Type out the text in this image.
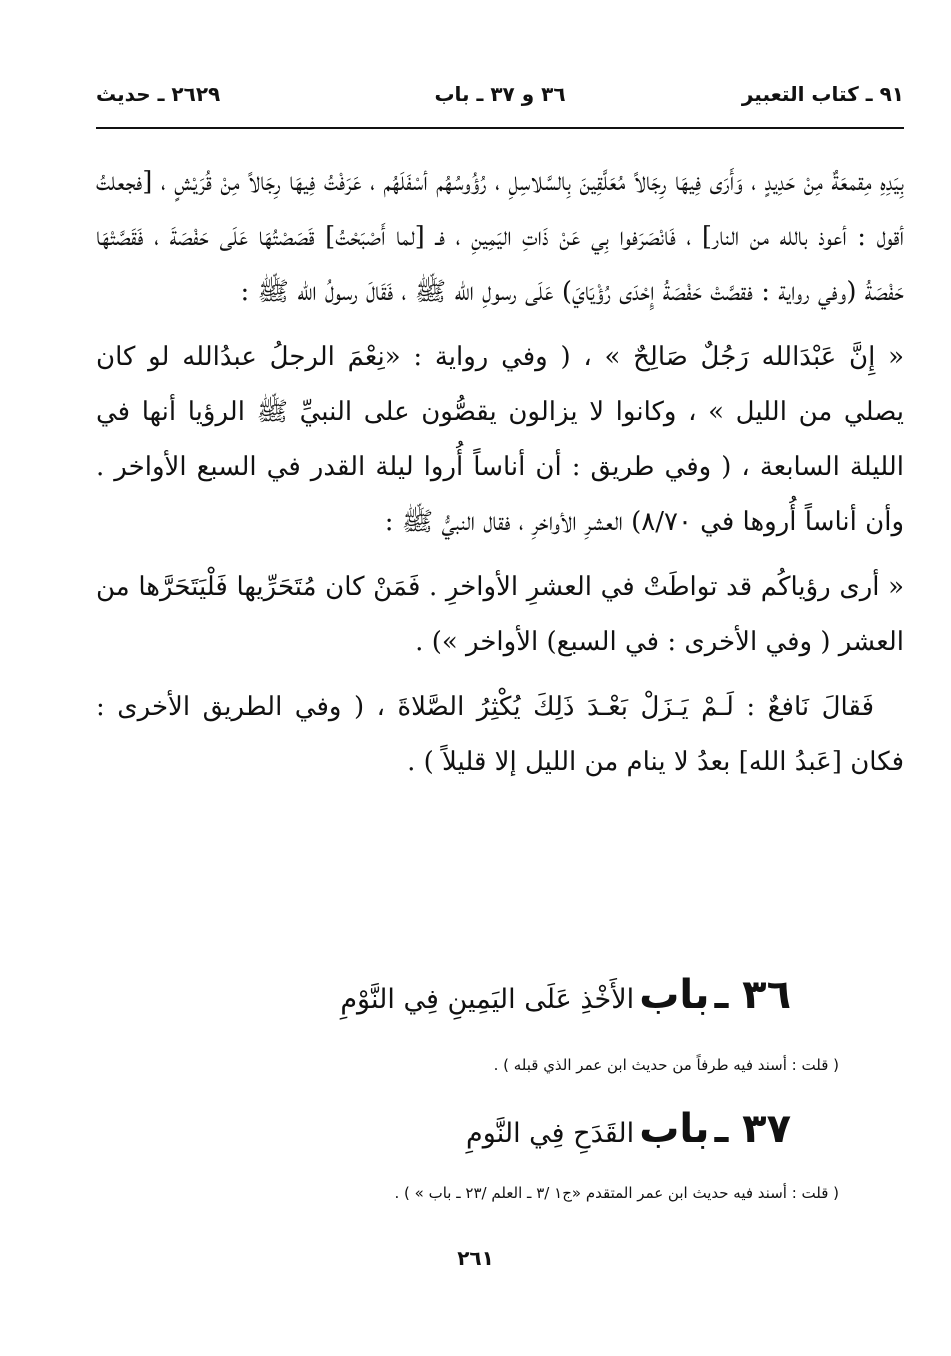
٩١ ـ كتاب التعبير
٣٦ و ٣٧ ـ باب
٢٦٢٩ ـ حديث

بِيَدِهِ مِقمعَةٌ مِنْ حَدِيدٍ ، وَأَرَى فِيهَا رِجَالاً مُعَلَّقِينَ بِالسَّلاسِلِ ، رُؤُوسُهُم أسْفَلَهُم ، عَرَفْتُ فِيهَا رِجَالاً مِنْ قُرَيْشٍ ، [فجعلتُ أقول : أعوذ بالله من النار] ، فَانْصَرَفوا بِي عَنْ ذَاتِ اليَمِينِ ، فـ [لما أَصْبَحْتُ] قَصَصْتُهَا عَلَى حَفْصَةَ ، فَقَصَّتْهَا حَفْصَةُ (وفي رواية : فقصَّتْ حَفْصَةُ إِحْدَى رُؤْيَايَ) عَلَى رسولِ الله ﷺ ، فَقَالَ رسولُ الله ﷺ :

« إِنَّ عَبْدَالله رَجُلٌ صَالِحٌ » ، ( وفي رواية : «نِعْمَ الرجلُ عبدُالله لو كان يصلي من الليل » ، وكانوا لا يزالون يقصُّون على النبيِّ ﷺ الرؤيا أنها في الليلة السابعة ، ( وفي طريق : أن أناساً أُروا ليلة القدر في السبع الأواخر . وأن أناساً أُروها في ٨/٧٠) العشرِ الأواخرِ ، فقال النبيُّ ﷺ :

« أرى رؤياكُم قد تواطَتْ في العشرِ الأواخرِ . فَمَنْ كان مُتَحَرِّيها فَلْيَتَحَرَّها من العشر ( وفي الأخرى : في السبع) الأواخر ») .

فَقالَ نَافعٌ : لَـمْ يَـزَلْ بَعْـدَ ذَلِكَ يُكْثِرُ الصَّلاةَ ، ( وفي الطريق الأخرى : فكان [عَبدُ الله] بعدُ لا ينام من الليل إلا قليلاً ) .

٣٦ ـ باب الأَخْذِ عَلَى اليَمِينِ فِي النَّوْمِ
( قلت : أسند فيه طرفاً من حديث ابن عمر الذي قبله ) .
٣٧ ـ باب القَدَحِ فِي النَّومِ
( قلت : أسند فيه حديث ابن عمر المتقدم «ج١ /٣ ـ العلم /٢٣ ـ باب » ) .
٢٦١
